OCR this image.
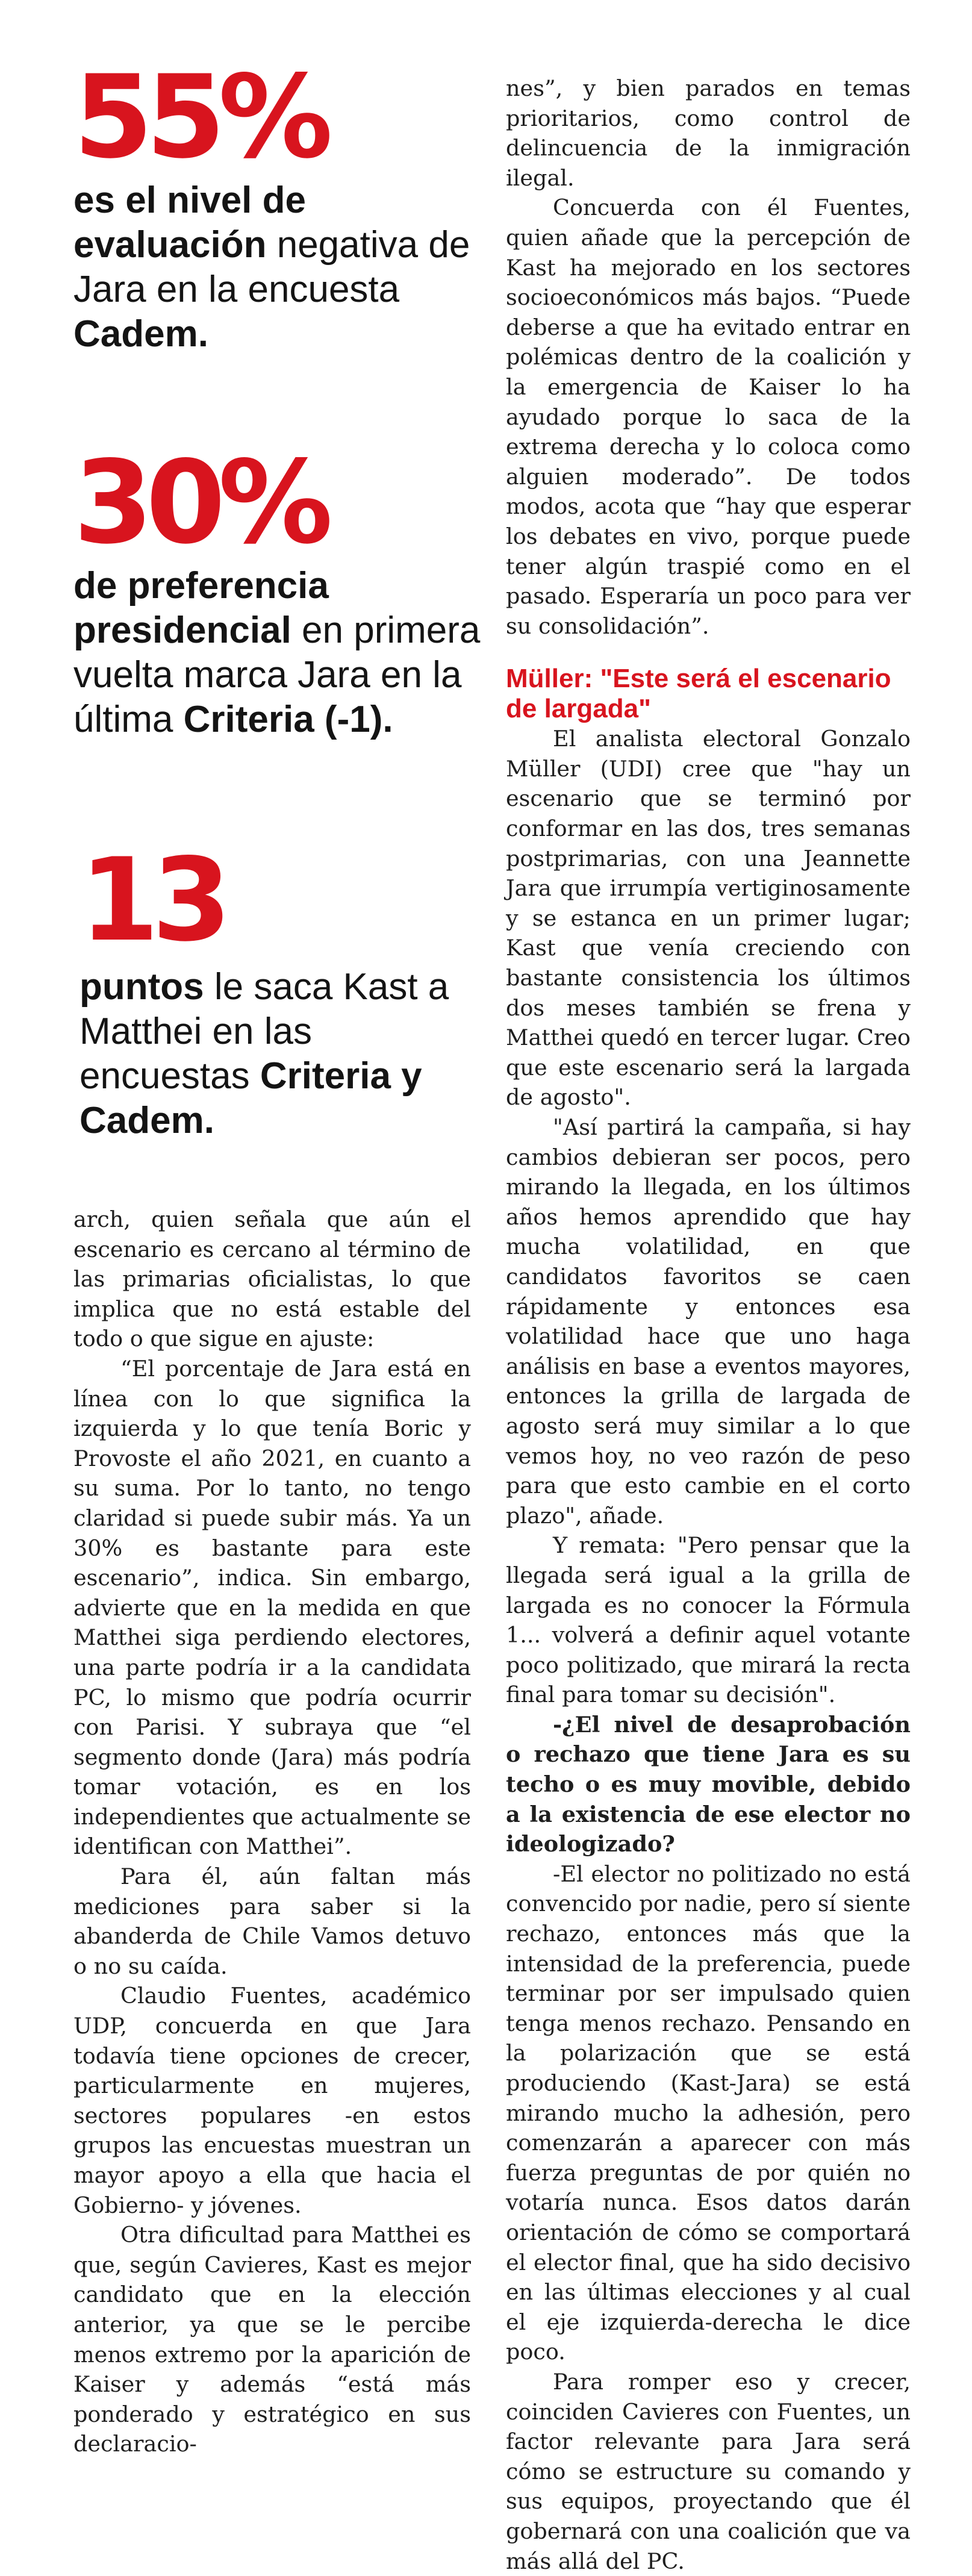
55%

es el nivel de evaluación negativa de Jara en la encuesta Cadem.

30%

de preferencia presidencial en primera vuelta marca Jara en la última Criteria (-1).

13

puntos le saca Kast a Matthei en las encuestas Criteria y Cadem.

arch, quien señala que aún el escenario es cercano al término de las primarias oficialistas, lo que implica que no está estable del todo o que sigue en ajuste:

“El porcentaje de Jara está en línea con lo que significa la izquierda y lo que tenía Boric y Provoste el año 2021, en cuanto a su suma. Por lo tanto, no tengo claridad si puede subir más. Ya un 30% es bastante para este escenario”, indica. Sin embargo, advierte que en la medida en que Matthei siga perdiendo electores, una parte podría ir a la candidata PC, lo mismo que podría ocurrir con Parisi. Y subraya que “el segmento donde (Jara) más podría tomar votación, es en los independientes que actualmente se identifican con Matthei”.

Para él, aún faltan más mediciones para saber si la abanderda de Chile Vamos detuvo o no su caída.

Claudio Fuentes, académico UDP, concuerda en que Jara todavía tiene opciones de crecer, particularmente en mujeres, sectores populares -en estos grupos las encuestas muestran un mayor apoyo a ella que hacia el Gobierno- y jóvenes.

Otra dificultad para Matthei es que, según Cavieres, Kast es mejor candidato que en la elección anterior, ya que se le percibe menos extremo por la aparición de Kaiser y además “está más ponderado y estratégico en sus declaracio-

nes”, y bien parados en temas prioritarios, como control de delincuencia de la inmigración ilegal.

Concuerda con él Fuentes, quien añade que la percepción de Kast ha mejorado en los sectores socioeconómicos más bajos. “Puede deberse a que ha evitado entrar en polémicas dentro de la coalición y la emergencia de Kaiser lo ha ayudado porque lo saca de la extrema derecha y lo coloca como alguien moderado”. De todos modos, acota que “hay que esperar los debates en vivo, porque puede tener algún traspié como en el pasado. Esperaría un poco para ver su consolidación”.

Müller: "Este será el escenario de largada"

El analista electoral Gonzalo Müller (UDI) cree que "hay un escenario que se terminó por conformar en las dos, tres semanas postprimarias, con una Jeannette Jara que irrumpía vertiginosamente y se estanca en un primer lugar; Kast que venía creciendo con bastante consistencia los últimos dos meses también se frena y Matthei quedó en tercer lugar. Creo que este escenario será la largada de agosto".

"Así partirá la campaña, si hay cambios debieran ser pocos, pero mirando la llegada, en los últimos años hemos aprendido que hay mucha volatilidad, en que candidatos favoritos se caen rápidamente y entonces esa volatilidad hace que uno haga análisis en base a eventos mayores, entonces la grilla de largada de agosto será muy similar a lo que vemos hoy, no veo razón de peso para que esto cambie en el corto plazo", añade.

Y remata: "Pero pensar que la llegada será igual a la grilla de largada es no conocer la Fórmula 1... volverá a definir aquel votante poco politizado, que mirará la recta final para tomar su decisión".

-¿El nivel de desaprobación o rechazo que tiene Jara es su techo o es muy movible, debido a la existencia de ese elector no ideologizado?

-El elector no politizado no está convencido por nadie, pero sí siente rechazo, entonces más que la intensidad de la preferencia, puede terminar por ser impulsado quien tenga menos rechazo. Pensando en la polarización que se está produciendo (Kast-Jara) se está mirando mucho la adhesión, pero comenzarán a aparecer con más fuerza preguntas de por quién no votaría nunca. Esos datos darán orientación de cómo se comportará el elector final, que ha sido decisivo en las últimas elecciones y al cual el eje izquierda-derecha le dice poco.

Para romper eso y crecer, coinciden Cavieres con Fuentes, un factor relevante para Jara será cómo se estructure su comando y sus equipos, proyectando que él gobernará con una coalición que va más allá del PC.
